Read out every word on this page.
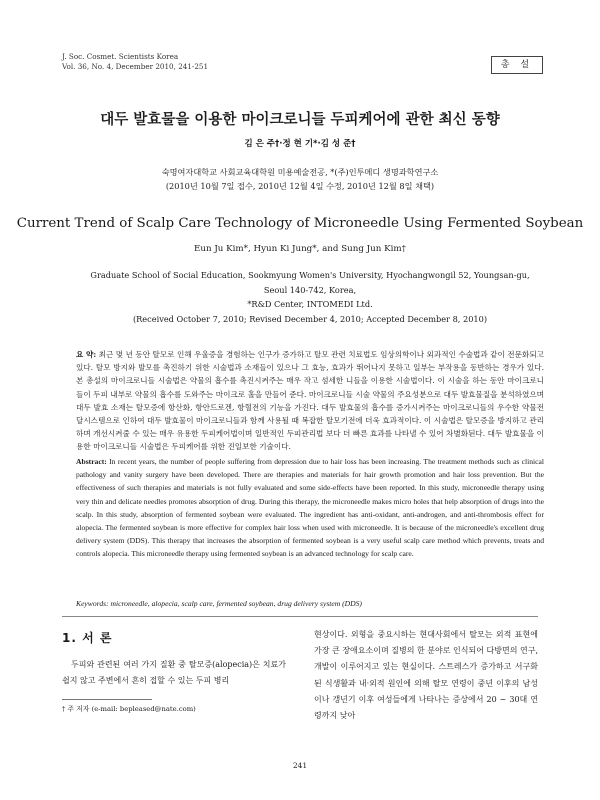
J. Soc. Cosmet. Scientists Korea
Vol. 36, No. 4, December 2010, 241-251	총 설
대두 발효물을 이용한 마이크로니들 두피케어에 관한 최신 동향
김 은 주†·정 현 기*·김 성 준†
숙명여자대학교 사회교육대학원 미용예술전공, *(주)인투메디 생명과학연구소
(2010년 10월 7일 접수, 2010년 12월 4일 수정, 2010년 12월 8일 채택)
Current Trend of Scalp Care Technology of Microneedle Using Fermented Soybean
Eun Ju Kim*, Hyun Ki Jung*, and Sung Jun Kim†
Graduate School of Social Education, Sookmyung Women's University, Hyochangwongil 52, Youngsan-gu,
Seoul 140-742, Korea,
*R&D Center, INTOMEDI Ltd.
(Received October 7, 2010; Revised December 4, 2010; Accepted December 8, 2010)
요 약: 최근 몇 년 동안 탈모로 인해 우울증을 경험하는 인구가 증가하고 탈모 관련 치료법도 임상의학이나 외과적인 수술법과 같이 전문화되고 있다. 탈모 방지와 발모를 촉진하기 위한 시술법과 소재들이 있으나 그 효능, 효과가 뛰어나지 못하고 일부는 부작용을 동반하는 경우가 있다. 본 총설의 마이크로니들 시술법은 약물의 흡수를 촉진시켜주는 매우 작고 섬세한 니들을 이용한 시술법이다. 이 시술을 하는 동안 마이크로니들이 두피 내부로 약물의 흡수를 도와주는 마이크로 홀을 만들어 준다. 마이크로니들 시술 약물의 주요성분으로 대두 발효물질을 분석하였으며 대두 발효 소재는 탈모증에 항산화, 항안드로겐, 항혈전의 기능을 가진다. 대두 발효물의 흡수를 증가시켜주는 마이크로니들의 우수한 약물전달시스템으로 인하여 대두 발효물이 마이크로니들과 함께 사용될 때 복잡한 탈모기전에 더욱 효과적이다. 이 시술법은 탈모증을 방지하고 관리하며 개선시켜줄 수 있는 매우 유용한 두피케어법이며 일반적인 두피관리법 보다 더 빠른 효과를 나타낼 수 있어 차별화된다. 대두 발효물을 이용한 마이크로니들 시술법은 두피케어를 위한 진일보한 기술이다.
Abstract: In recent years, the number of people suffering from depression due to hair loss has been increasing. The treatment methods such as clinical pathology and vanity surgery have been developed. There are therapies and materials for hair growth promotion and hair loss prevention. But the effectiveness of such therapies and materials is not fully evaluated and some side-effects have been reported. In this study, microneedle therapy using very thin and delicate needles promotes absorption of drug. During this therapy, the microneedle makes micro holes that help absorption of drugs into the scalp. In this study, absorption of fermented soybean were evaluated. The ingredient has anti-oxidant, anti-androgen, and anti-thrombosis effect for alopecia. The fermented soybean is more effective for complex hair loss when used with microneedle. It is because of the microneedle's excellent drug delivery system (DDS). This therapy that increases the absorption of fermented soybean is a very useful scalp care method which prevents, treats and controls alopecia. This microneedle therapy using fermented soybean is an advanced technology for scalp care.
Keywords: microneedle, alopecia, scalp care, fermented soybean, drug delivery system (DDS)
1. 서 론
두피와 관련된 여러 가지 질환 중 탈모증(alopecia)은 치료가 쉽지 않고 주변에서 흔히 접할 수 있는 두피 병리
현상이다. 외형을 중요시하는 현대사회에서 탈모는 외적 표현에 가장 큰 장애요소이며 질병의 한 분야로 인식되어 다방면의 연구, 개발이 이루어지고 있는 현실이다. 스트레스가 증가하고 서구화된 식생활과 내·외적 원인에 의해 탈모 연령이 중년 이후의 남성이나 갱년기 이후 여성들에게 나타나는 증상에서 20 ~ 30대 연령까지 낮아
† 주 저자 (e-mail: bepleased@nate.com)
241
